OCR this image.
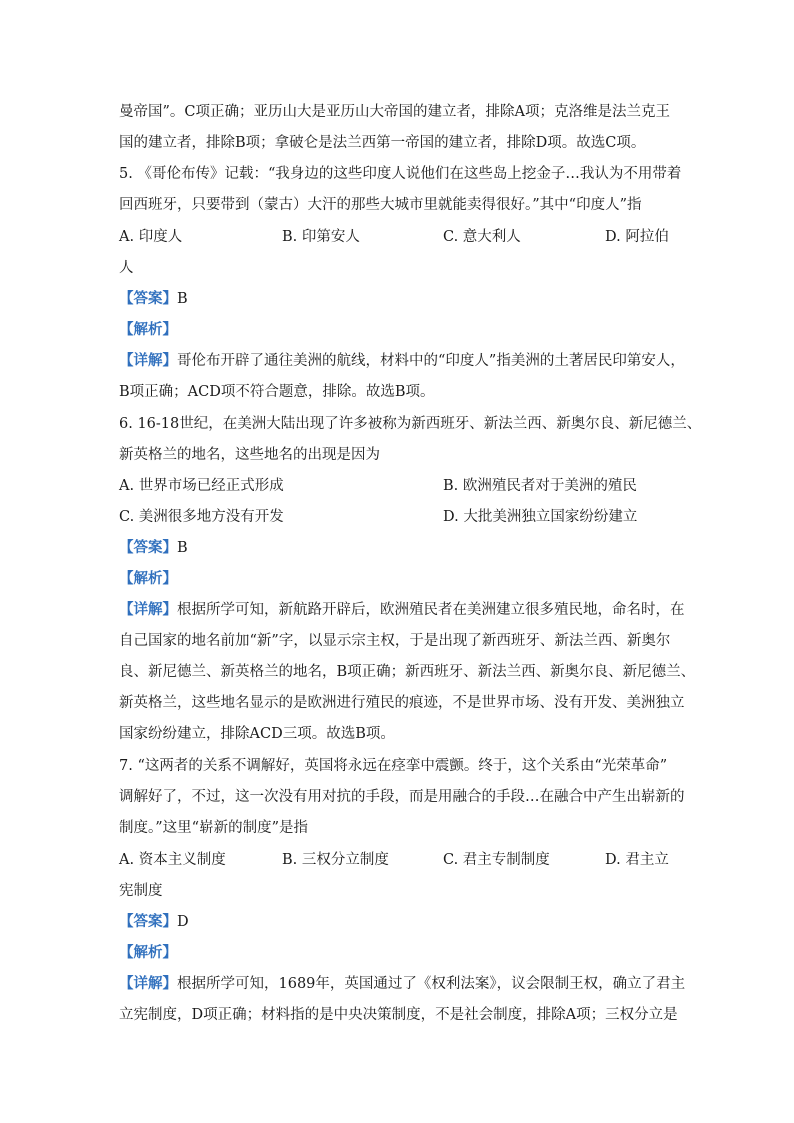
曼帝国”。C项正确；亚历山大是亚历山大帝国的建立者，排除A项；克洛维是法兰克王
国的建立者，排除B项；拿破仑是法兰西第一帝国的建立者，排除D项。故选C项。
5. 《哥伦布传》记载：“我身边的这些印度人说他们在这些岛上挖金子…我认为不用带着
回西班牙，只要带到（蒙古）大汗的那些大城市里就能卖得很好。”其中“印度人”指
A. 印度人	B. 印第安人	C. 意大利人	D. 阿拉伯
人
【答案】B
【解析】
【详解】哥伦布开辟了通往美洲的航线，材料中的“印度人”指美洲的土著居民印第安人，
B项正确；ACD项不符合题意，排除。故选B项。
6. 16-18世纪，在美洲大陆出现了许多被称为新西班牙、新法兰西、新奥尔良、新尼德兰、
新英格兰的地名，这些地名的出现是因为
A. 世界市场已经正式形成	B. 欧洲殖民者对于美洲的殖民
C. 美洲很多地方没有开发	D. 大批美洲独立国家纷纷建立
【答案】B
【解析】
【详解】根据所学可知，新航路开辟后，欧洲殖民者在美洲建立很多殖民地，命名时，在
自己国家的地名前加“新”字，以显示宗主权，于是出现了新西班牙、新法兰西、新奥尔
良、新尼德兰、新英格兰的地名，B项正确；新西班牙、新法兰西、新奥尔良、新尼德兰、
新英格兰，这些地名显示的是欧洲进行殖民的痕迹，不是世界市场、没有开发、美洲独立
国家纷纷建立，排除ACD三项。故选B项。
7. “这两者的关系不调解好，英国将永远在痉挛中震颤。终于，这个关系由“光荣革命”
调解好了，不过，这一次没有用对抗的手段，而是用融合的手段…在融合中产生出崭新的
制度。”这里“崭新的制度”是指
A. 资本主义制度	B. 三权分立制度	C. 君主专制制度	D. 君主立
宪制度
【答案】D
【解析】
【详解】根据所学可知，1689年，英国通过了《权利法案》，议会限制王权，确立了君主
立宪制度，D项正确；材料指的是中央决策制度，不是社会制度，排除A项；三权分立是
